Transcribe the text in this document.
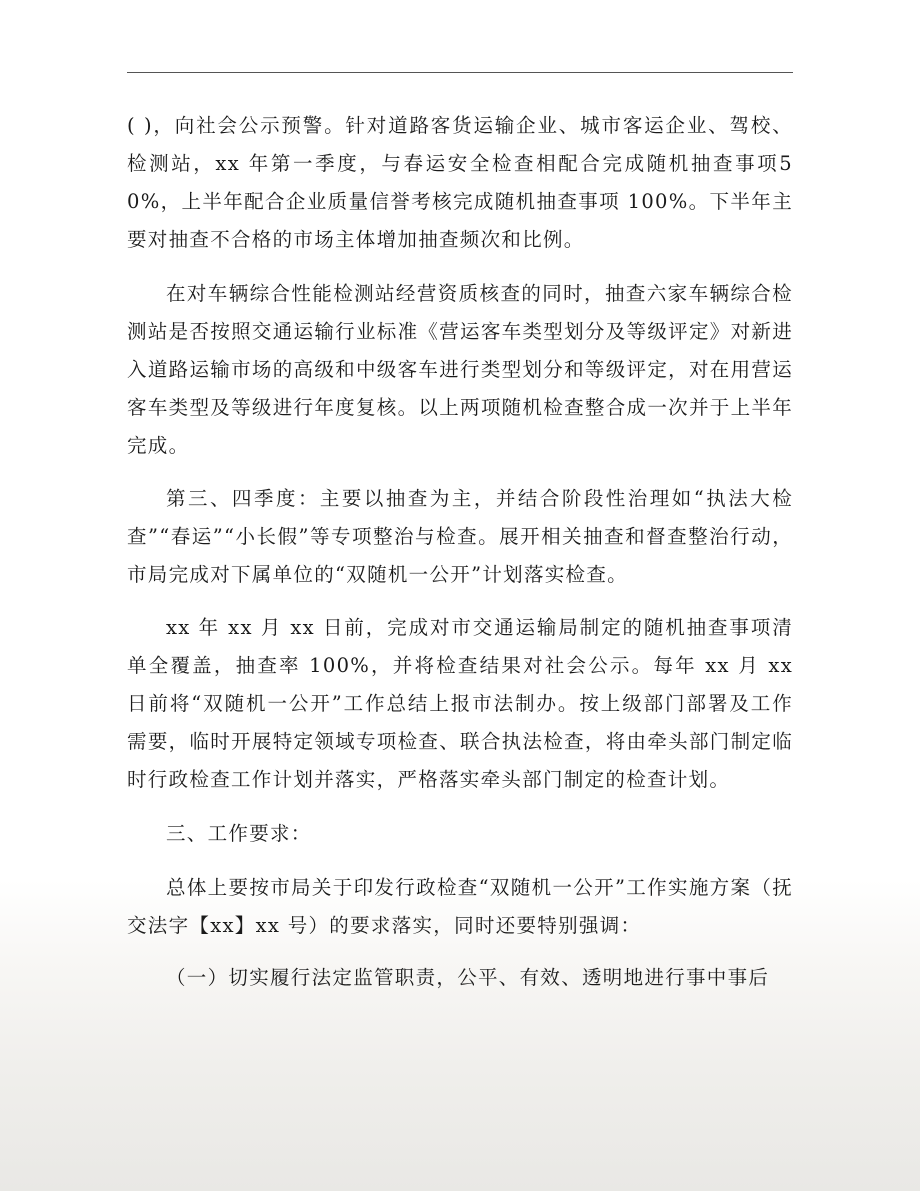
( )，向社会公示预警。针对道路客货运输企业、城市客运企业、驾校、检测站，xx 年第一季度，与春运安全检查相配合完成随机抽查事项50%，上半年配合企业质量信誉考核完成随机抽查事项 100%。下半年主要对抽查不合格的市场主体增加抽查频次和比例。

在对车辆综合性能检测站经营资质核查的同时，抽查六家车辆综合检测站是否按照交通运输行业标准《营运客车类型划分及等级评定》对新进入道路运输市场的高级和中级客车进行类型划分和等级评定，对在用营运客车类型及等级进行年度复核。以上两项随机检查整合成一次并于上半年完成。

第三、四季度：主要以抽查为主，并结合阶段性治理如“执法大检查”“春运”“小长假”等专项整治与检查。展开相关抽查和督查整治行动，市局完成对下属单位的“双随机一公开”计划落实检查。

xx 年 xx 月 xx 日前，完成对市交通运输局制定的随机抽查事项清单全覆盖，抽查率 100%，并将检查结果对社会公示。每年 xx 月 xx 日前将“双随机一公开”工作总结上报市法制办。按上级部门部署及工作需要，临时开展特定领域专项检查、联合执法检查，将由牵头部门制定临时行政检查工作计划并落实，严格落实牵头部门制定的检查计划。

三、工作要求：

总体上要按市局关于印发行政检查“双随机一公开”工作实施方案（抚交法字【xx】xx 号）的要求落实，同时还要特别强调：

（一）切实履行法定监管职责，公平、有效、透明地进行事中事后
